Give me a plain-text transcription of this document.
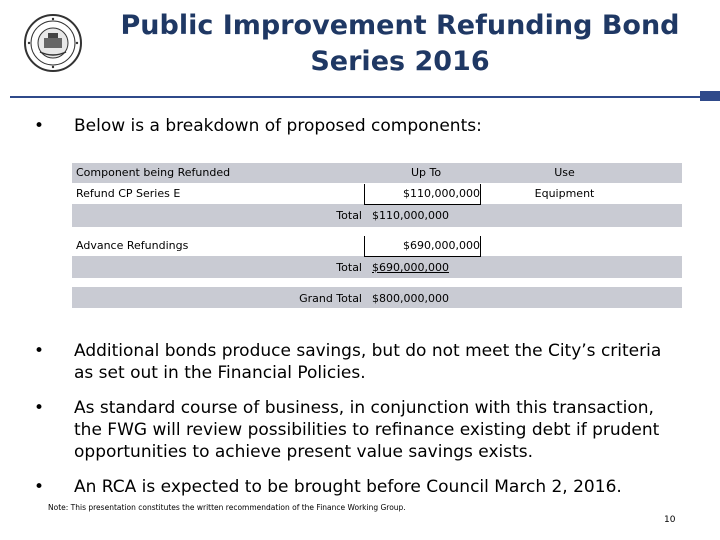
Public Improvement Refunding Bond
Series 2016
• Below is a breakdown of proposed components:
Component being Refunded	Up To	Use
Refund CP Series E	$110,000,000	Equipment
Total $110,000,000
Advance Refundings	$690,000,000
Total $690,000,000
Grand Total $800,000,000
• Additional bonds produce savings, but do not meet the City’s criteria
as set out in the Financial Policies.
• As standard course of business, in conjunction with this transaction,
the FWG will review possibilities to refinance existing debt if prudent
opportunities to achieve present value savings exists.
• An RCA is expected to be brought before Council March 2, 2016.
Note: This presentation constitutes the written recommendation of the Finance Working Group.
10
